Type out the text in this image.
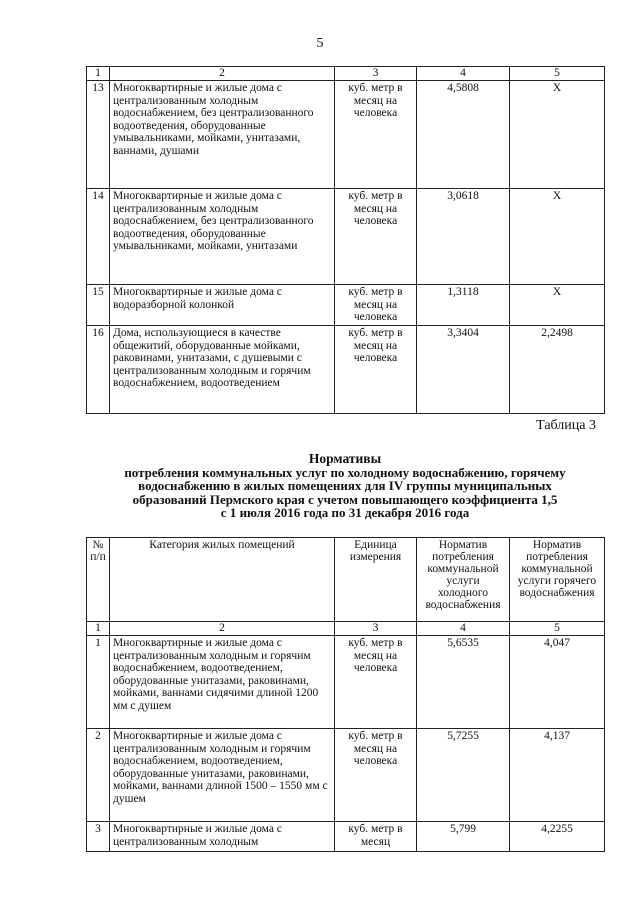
5
1	2	3	4	5
13	Многоквартирные и жилые дома с централизованным холодным водоснабжением, без централизованного водоотведения, оборудованные умывальниками, мойками, унитазами, ваннами, душами	куб. метр в месяц на человека	4,5808	X
14	Многоквартирные и жилые дома с централизованным холодным водоснабжением, без централизованного водоотведения, оборудованные умывальниками, мойками, унитазами	куб. метр в месяц на человека	3,0618	X
15	Многоквартирные и жилые дома с водоразборной колонкой	куб. метр в месяц на человека	1,3118	X
16	Дома, использующиеся в качестве общежитий, оборудованные мойками, раковинами, унитазами, с душевыми с централизованным холодным и горячим водоснабжением, водоотведением	куб. метр в месяц на человека	3,3404	2,2498
Таблица 3
Нормативы
потребления коммунальных услуг по холодному водоснабжению, горячему
водоснабжению в жилых помещениях для IV группы муниципальных
образований Пермского края с учетом повышающего коэффициента 1,5
с 1 июля 2016 года по 31 декабря 2016 года
№ п/п	Категория жилых помещений	Единица измерения	Норматив потребления коммунальной услуги холодного водоснабжения	Норматив потребления коммунальной услуги горячего водоснабжения
1	2	3	4	5
1	Многоквартирные и жилые дома с централизованным холодным и горячим водоснабжением, водоотведением, оборудованные унитазами, раковинами, мойками, ваннами сидячими длиной 1200 мм с душем	куб. метр в месяц на человека	5,6535	4,047
2	Многоквартирные и жилые дома с централизованным холодным и горячим водоснабжением, водоотведением, оборудованные унитазами, раковинами, мойками, ваннами длиной 1500 – 1550 мм с душем	куб. метр в месяц на человека	5,7255	4,137
3	Многоквартирные и жилые дома с централизованным холодным	куб. метр в месяц	5,799	4,2255
